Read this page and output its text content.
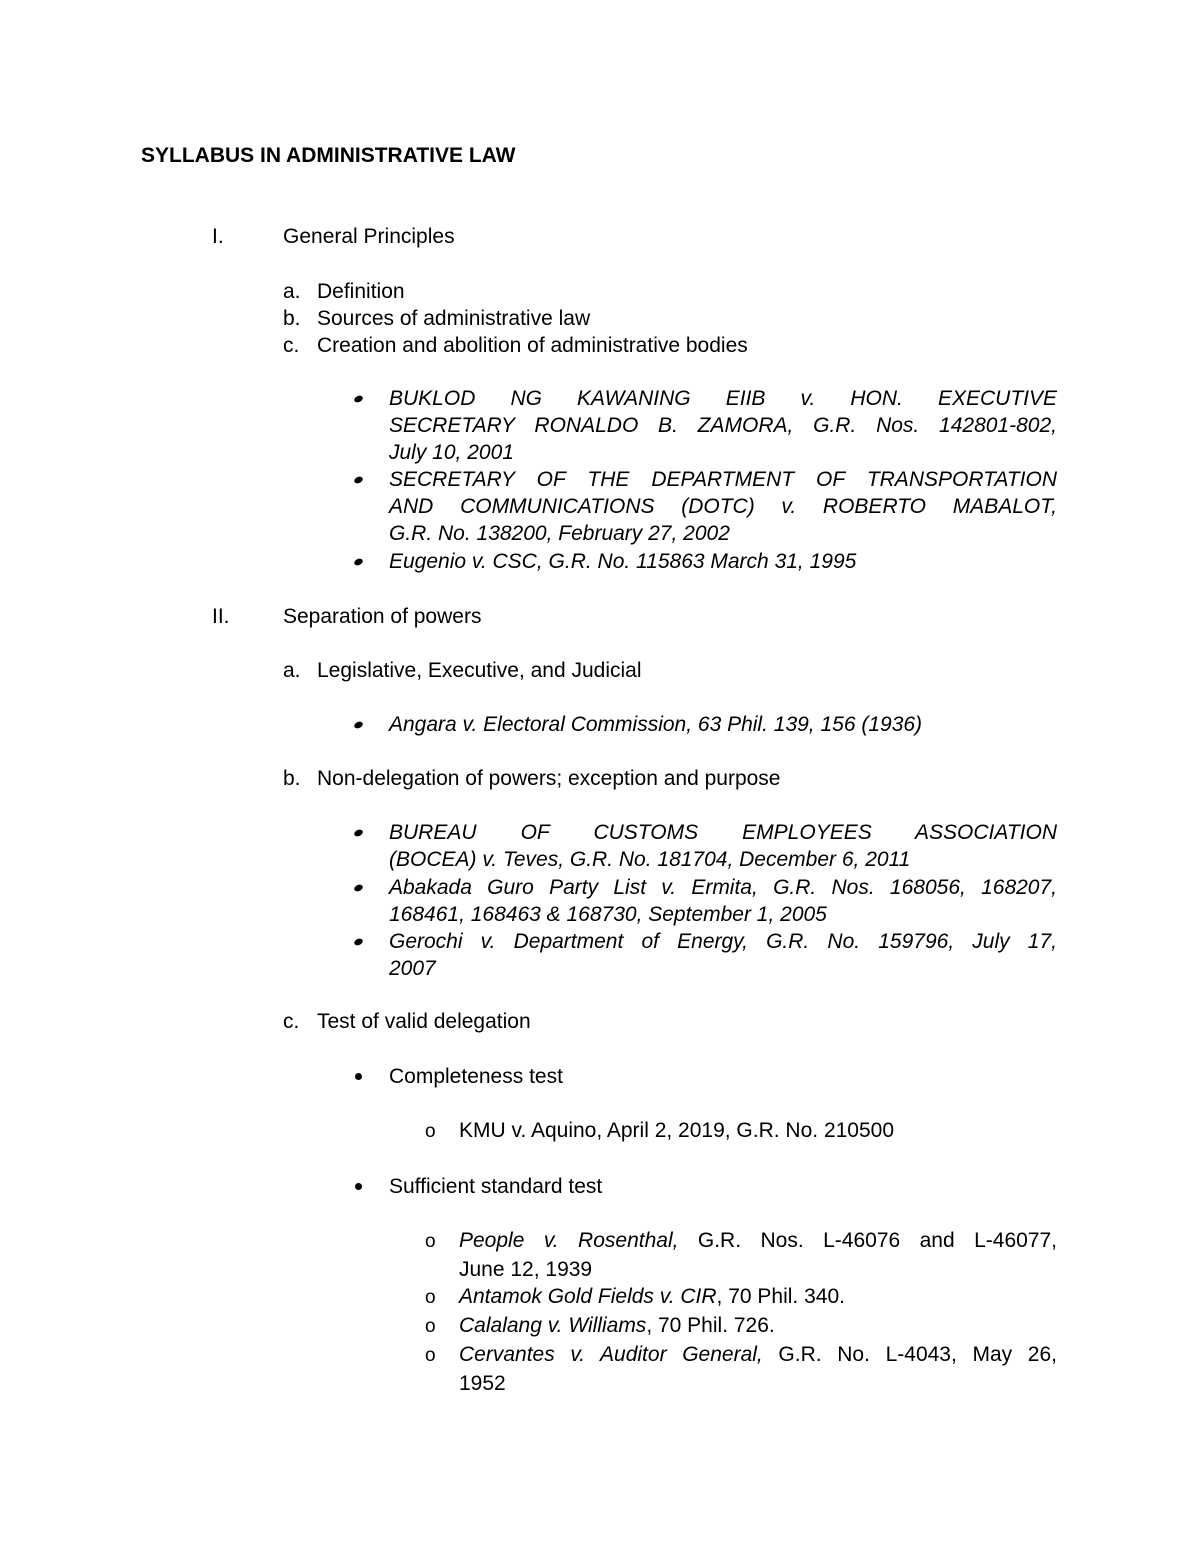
SYLLABUS IN ADMINISTRATIVE LAW
I.	General Principles
a. Definition
b. Sources of administrative law
c. Creation and abolition of administrative bodies
BUKLOD NG KAWANING EIIB v. HON. EXECUTIVE
SECRETARY RONALDO B. ZAMORA, G.R. Nos. 142801-802,
July 10, 2001
SECRETARY OF THE DEPARTMENT OF TRANSPORTATION
AND COMMUNICATIONS (DOTC) v. ROBERTO MABALOT,
G.R. No. 138200, February 27, 2002
Eugenio v. CSC, G.R. No. 115863 March 31, 1995
II.	Separation of powers
a. Legislative, Executive, and Judicial
Angara v. Electoral Commission, 63 Phil. 139, 156 (1936)
b. Non-delegation of powers; exception and purpose
BUREAU OF CUSTOMS EMPLOYEES ASSOCIATION
(BOCEA) v. Teves, G.R. No. 181704, December 6, 2011
Abakada Guro Party List v. Ermita, G.R. Nos. 168056, 168207,
168461, 168463 & 168730, September 1, 2005
Gerochi v. Department of Energy, G.R. No. 159796, July 17,
2007
c. Test of valid delegation
Completeness test
o KMU v. Aquino, April 2, 2019, G.R. No. 210500
Sufficient standard test
o People v. Rosenthal, G.R. Nos. L-46076 and L-46077,
June 12, 1939
o Antamok Gold Fields v. CIR, 70 Phil. 340.
o Calalang v. Williams, 70 Phil. 726.
o Cervantes v. Auditor General, G.R. No. L-4043, May 26,
1952
